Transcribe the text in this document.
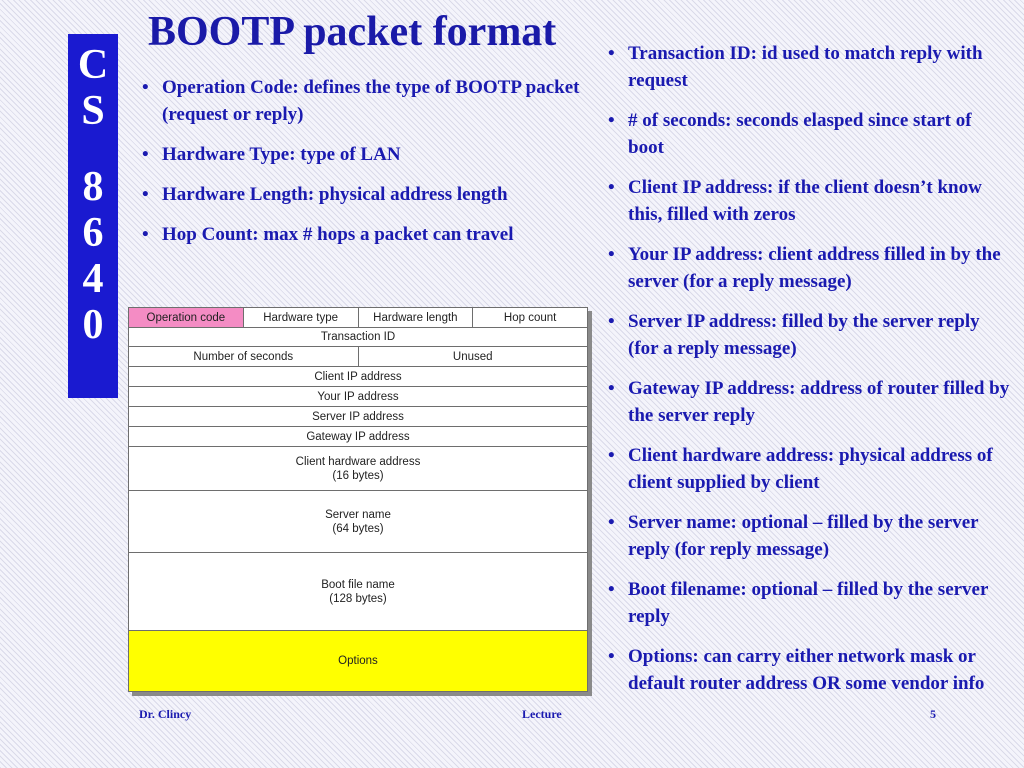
C
S
8
6
4
0
BOOTP packet format
• Operation Code: defines the type of BOOTP packet (request or reply)
• Hardware Type: type of LAN
• Hardware Length: physical address length
• Hop Count: max # hops a packet can travel
Operation code	Hardware type	Hardware length	Hop count
Transaction ID
Number of seconds	Unused
Client IP address
Your IP address
Server IP address
Gateway IP address
Client hardware address
(16 bytes)
Server name
(64 bytes)
Boot file name
(128 bytes)
Options
• Transaction ID: id used to match reply with request
• # of seconds: seconds elasped since start of boot
• Client IP address: if the client doesn’t know this, filled with zeros
• Your IP address: client address filled in by the server (for a reply message)
• Server IP address: filled by the server reply (for a reply message)
• Gateway IP address: address of router filled by the server reply
• Client hardware address: physical address of client supplied by client
• Server name: optional – filled by the server reply (for reply message)
• Boot filename: optional – filled by the server reply
• Options: can carry either network mask or default router address OR some vendor info
Dr. Clincy	Lecture	5
